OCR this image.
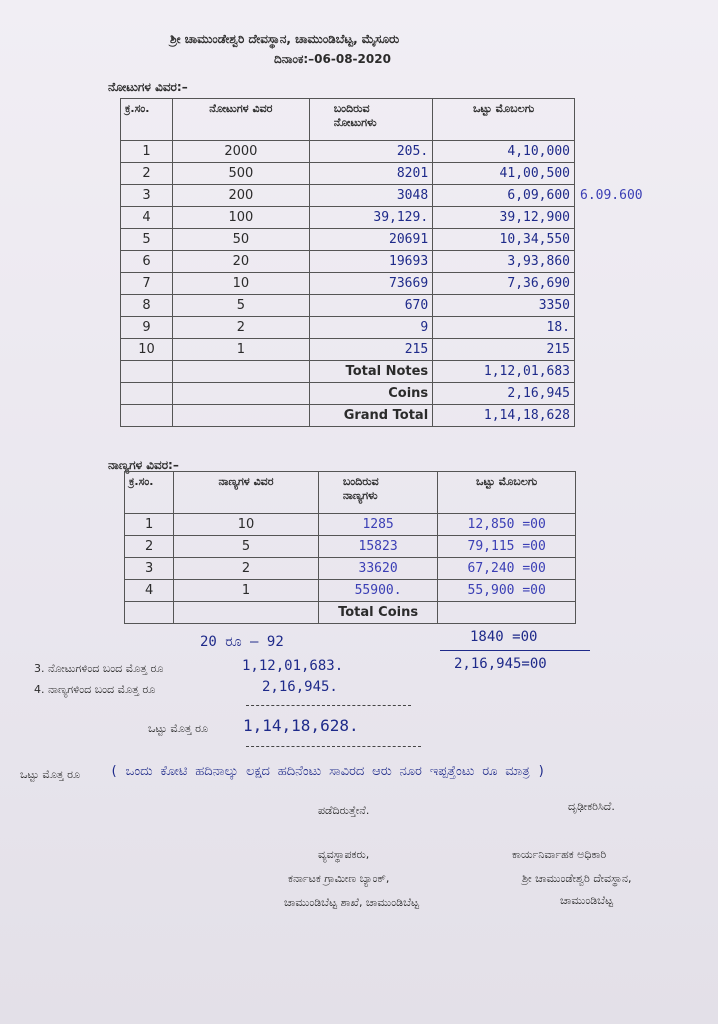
ಶ್ರೀ ಚಾಮುಂಡೇಶ್ವರಿ ದೇವಸ್ಥಾನ, ಚಾಮುಂಡಿಬೆಟ್ಟ, ಮೈಸೂರು
ದಿನಾಂಕ:–06-08-2020
ನೋಟುಗಳ ವಿವರ:–
ಕ್ರ.ಸಂ.	ನೋಟುಗಳ ವಿವರ	ಬಂದಿರುವ ನೋಟುಗಳು	ಒಟ್ಟು ಮೊಬಲಗು
1	2000	205.	4,10,000
2	500	8201	41,00,500
3	200	3048	6,09,600
4	100	39,129.	39,12,900
5	50	20691	10,34,550
6	20	19693	3,93,860
7	10	73669	7,36,690
8	5	670	3350
9	2	9	18.
10	1	215	215
		Total Notes	1,12,01,683
		Coins	2,16,945
		Grand Total	1,14,18,628
6.09.600
ನಾಣ್ಯಗಳ ವಿವರ:–
ಕ್ರ.ಸಂ.	ನಾಣ್ಯಗಳ ವಿವರ	ಬಂದಿರುವ ನಾಣ್ಯಗಳು	ಒಟ್ಟು ಮೊಬಲಗು
1	10	1285	12,850 =00
2	5	15823	79,115 =00
3	2	33620	67,240 =00
4	1	55900.	55,900 =00
		Total Coins	
20 ರೂ — 92	1840 =00
2,16,945=00
3. ನೋಟುಗಳಿಂದ ಬಂದ ಮೊತ್ತ ರೂ	1,12,01,683.
4. ನಾಣ್ಯಗಳಿಂದ ಬಂದ ಮೊತ್ತ ರೂ	2,16,945.
ಒಟ್ಟು ಮೊತ್ತ ರೂ 1,14,18,628.
ಒಟ್ಟು ಮೊತ್ತ ರೂ ( ಒಂದು ಕೋಟಿ ಹದಿನಾಲ್ಕು ಲಕ್ಷದ ಹದಿನೆಂಟು ಸಾವಿರದ ಆರು ನೂರ ಇಪ್ಪತ್ತೆಂಟು ರೂ ಮಾತ್ರ )
ಪಡೆದಿರುತ್ತೇನೆ.	ದೃಢೀಕರಿಸಿದೆ.
ವ್ಯವಸ್ಥಾಪಕರು,
ಕರ್ನಾಟಕ ಗ್ರಾಮೀಣ ಬ್ಯಾಂಕ್,
ಚಾಮುಂಡಿಬೆಟ್ಟ ಶಾಖೆ, ಚಾಮುಂಡಿಬೆಟ್ಟ
ಕಾರ್ಯನಿರ್ವಾಹಕ ಅಧಿಕಾರಿ
ಶ್ರೀ ಚಾಮುಂಡೇಶ್ವರಿ ದೇವಸ್ಥಾನ,
ಚಾಮುಂಡಿಬೆಟ್ಟ
